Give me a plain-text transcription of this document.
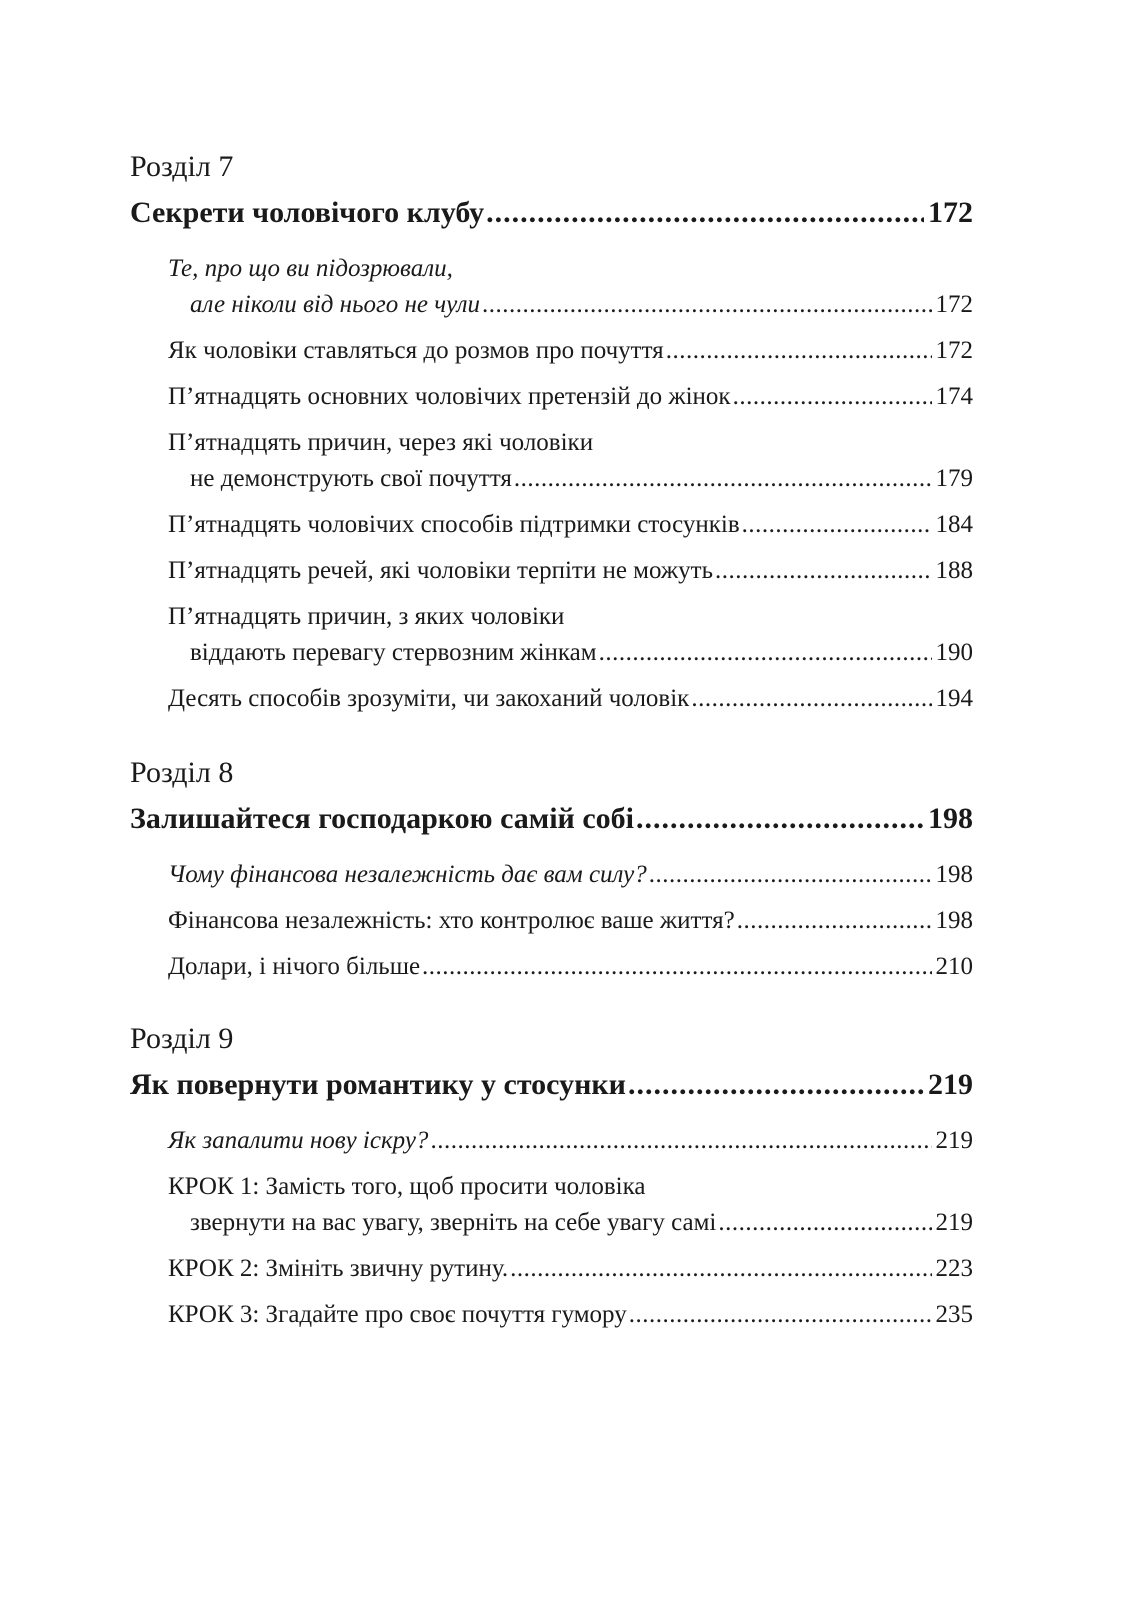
Розділ 7
Секрети чоловічого клубу .....	172
Те, про що ви підозрювали,
але ніколи від нього не чули .....	172
Як чоловіки ставляться до розмов про почуття .....	172
П’ятнадцять основних чоловічих претензій до жінок .....	174
П’ятнадцять причин, через які чоловіки
не демонструють свої почуття .....	179
П’ятнадцять чоловічих способів підтримки стосунків .....	184
П’ятнадцять речей, які чоловіки терпіти не можуть .....	188
П’ятнадцять причин, з яких чоловіки
віддають перевагу стервозним жінкам .....	190
Десять способів зрозуміти, чи закоханий чоловік .....	194
Розділ 8
Залишайтеся господаркою самій собі .....	198
Чому фінансова незалежність дає вам силу? .....	198
Фінансова незалежність: хто контролює ваше життя? .....	198
Долари, і нічого більше .....	210
Розділ 9
Як повернути романтику у стосунки .....	219
Як запалити нову іскру? .....	219
КРОК 1: Замість того, щоб просити чоловіка
звернути на вас увагу, зверніть на себе увагу самі .....	219
КРОК 2: Змініть звичну рутину. .....	223
КРОК 3: Згадайте про своє почуття гумору .....	235
